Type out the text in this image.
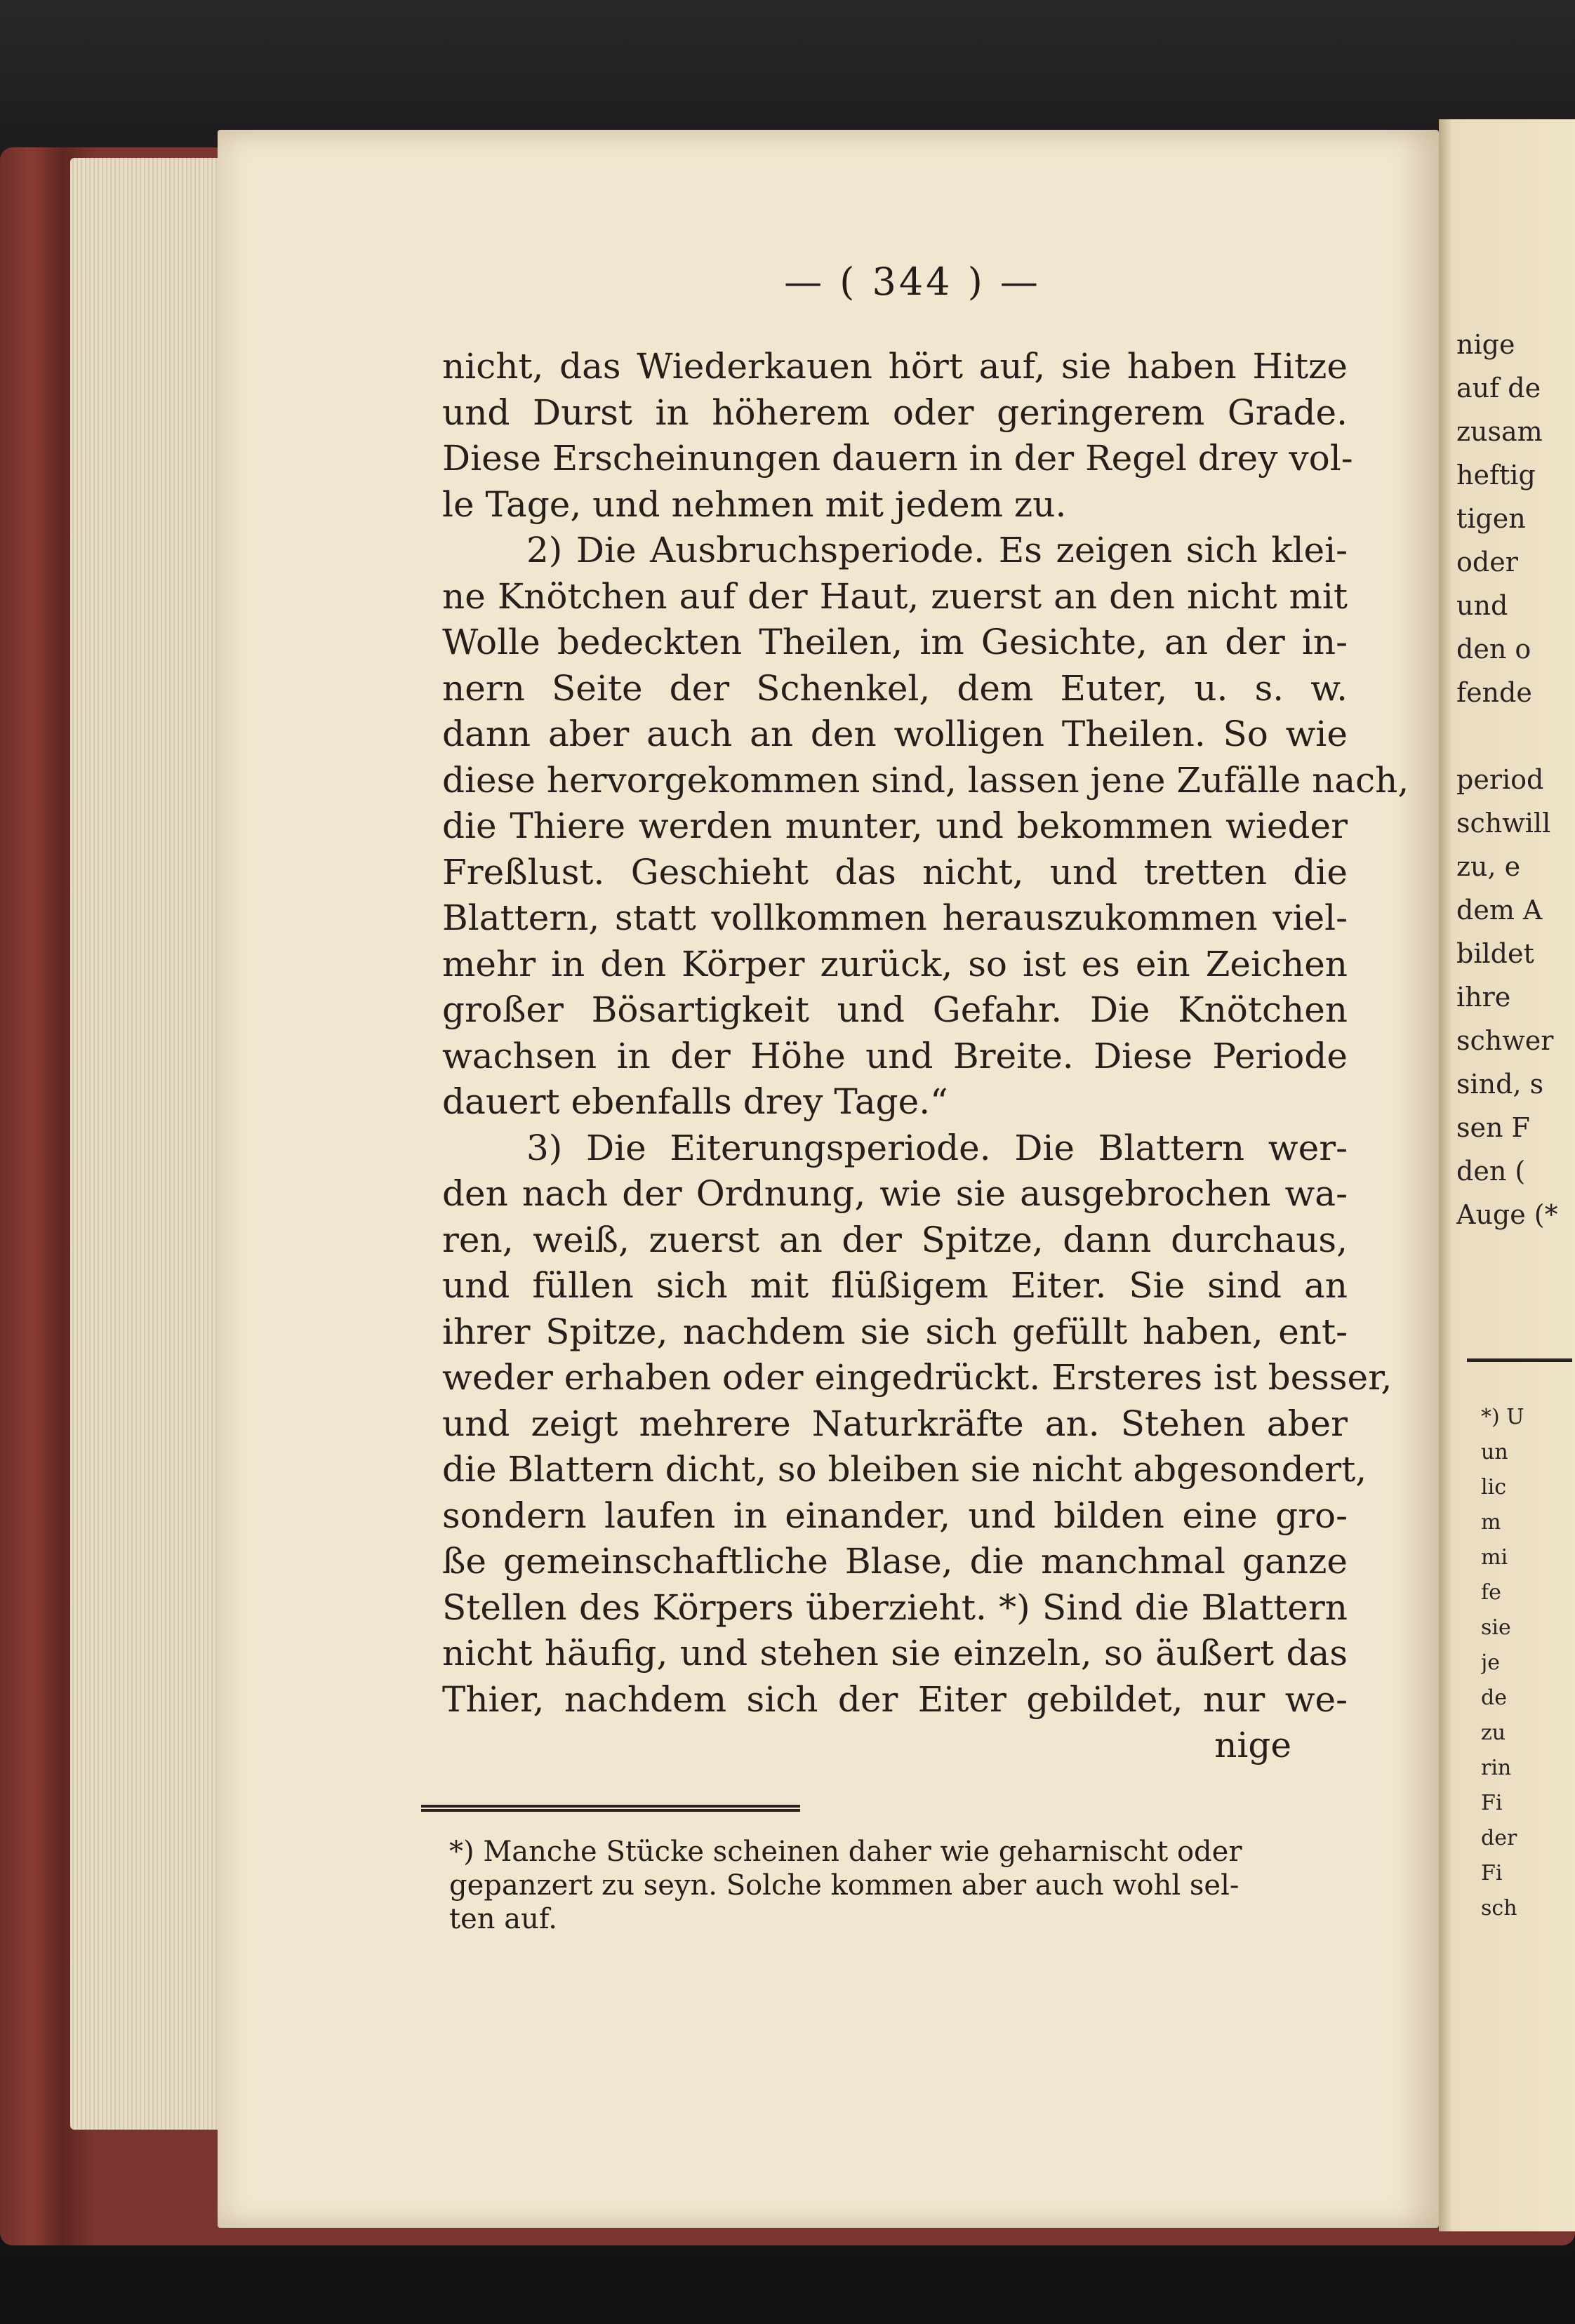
nige
auf de
zusam
heftig
tigen
oder
und
den o
fende
period
schwill
zu, e
dem A
bildet
ihre
schwer
sind, s
sen F
den (
Auge (*
*) U
un
lic
m
mi
fe
sie
je
de
zu
rin
Fi
der
Fi
sch
— ( 344 ) —
nicht, das Wiederkauen hört auf, sie haben Hitze
und Durst in höherem oder geringerem Grade.
Diese Erscheinungen dauern in der Regel drey vol-
le Tage, und nehmen mit jedem zu.
2) Die Ausbruchsperiode. Es zeigen sich klei-
ne Knötchen auf der Haut, zuerst an den nicht mit
Wolle bedeckten Theilen, im Gesichte, an der in-
nern Seite der Schenkel, dem Euter, u. s. w.
dann aber auch an den wolligen Theilen. So wie
diese hervorgekommen sind, lassen jene Zufälle nach,
die Thiere werden munter, und bekommen wieder
Freßlust. Geschieht das nicht, und tretten die
Blattern, statt vollkommen herauszukommen viel-
mehr in den Körper zurück, so ist es ein Zeichen
großer Bösartigkeit und Gefahr. Die Knötchen
wachsen in der Höhe und Breite. Diese Periode
dauert ebenfalls drey Tage.“
3) Die Eiterungsperiode. Die Blattern wer-
den nach der Ordnung, wie sie ausgebrochen wa-
ren, weiß, zuerst an der Spitze, dann durchaus,
und füllen sich mit flüßigem Eiter. Sie sind an
ihrer Spitze, nachdem sie sich gefüllt haben, ent-
weder erhaben oder eingedrückt. Ersteres ist besser,
und zeigt mehrere Naturkräfte an. Stehen aber
die Blattern dicht, so bleiben sie nicht abgesondert,
sondern laufen in einander, und bilden eine gro-
ße gemeinschaftliche Blase, die manchmal ganze
Stellen des Körpers überzieht. *) Sind die Blattern
nicht häufig, und stehen sie einzeln, so äußert das
Thier, nachdem sich der Eiter gebildet, nur we-
nige
*) Manche Stücke scheinen daher wie geharnischt oder
gepanzert zu seyn. Solche kommen aber auch wohl sel-
ten auf.
